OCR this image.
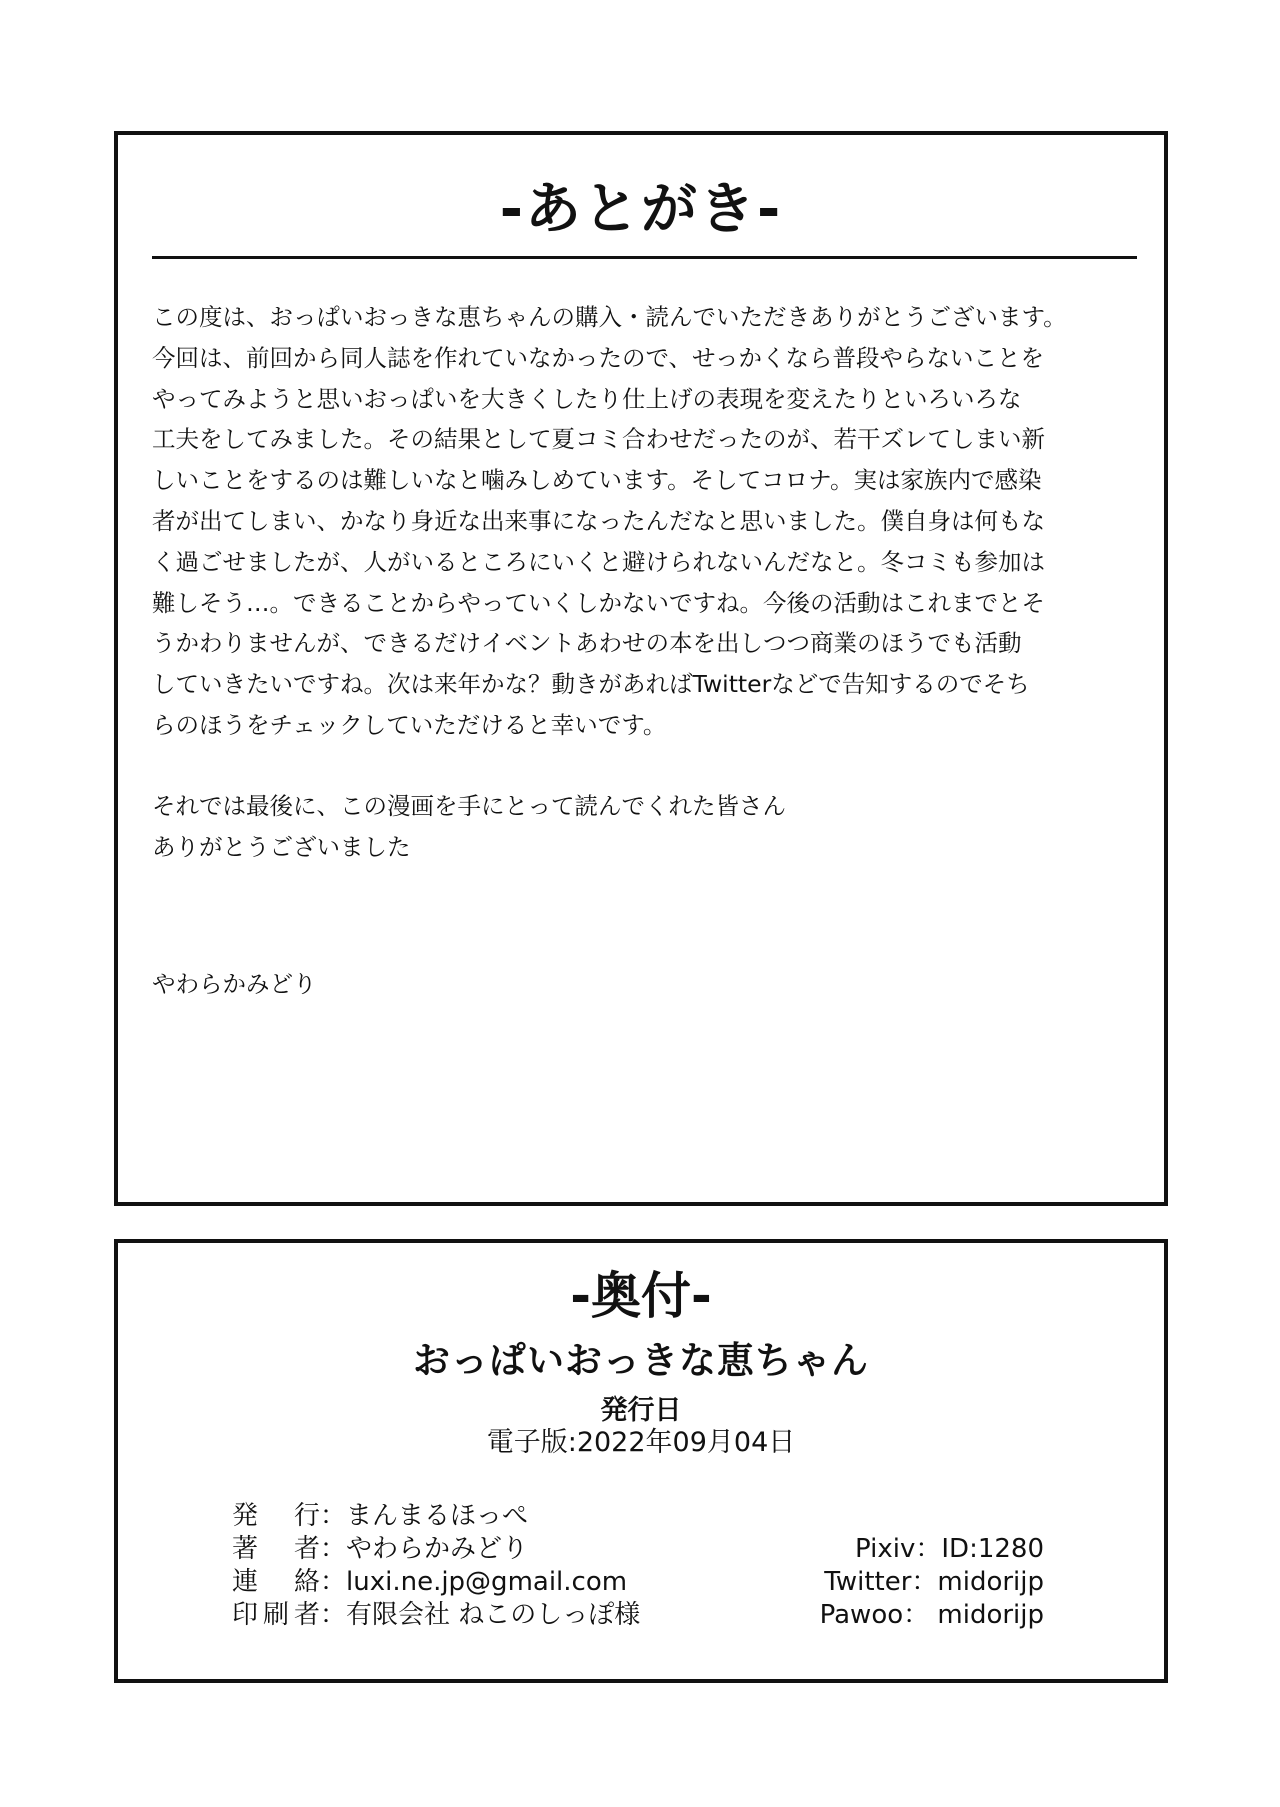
-あとがき-

この度は、おっぱいおっきな恵ちゃんの購入・読んでいただきありがとうございます。
今回は、前回から同人誌を作れていなかったので、せっかくなら普段やらないことを
やってみようと思いおっぱいを大きくしたり仕上げの表現を変えたりといろいろな
工夫をしてみました。その結果として夏コミ合わせだったのが、若干ズレてしまい新
しいことをするのは難しいなと噛みしめています。そしてコロナ。実は家族内で感染
者が出てしまい、かなり身近な出来事になったんだなと思いました。僕自身は何もな
く過ごせましたが、人がいるところにいくと避けられないんだなと。冬コミも参加は
難しそう…。できることからやっていくしかないですね。今後の活動はこれまでとそ
うかわりませんが、できるだけイベントあわせの本を出しつつ商業のほうでも活動
していきたいですね。次は来年かな？動きがあればTwitterなどで告知するのでそち
らのほうをチェックしていただけると幸いです。

それでは最後に、この漫画を手にとって読んでくれた皆さん
ありがとうございました

やわらかみどり

-奥付-

おっぱいおっきな恵ちゃん

発行日

電子版:2022年09月04日

発行：まんまるほっぺ
著者：やわらかみどり
連絡：luxi.ne.jp@gmail.com
印刷者：有限会社 ねこのしっぽ様
Pixiv：ID:1280
Twitter：midorijp
Pawoo： midorijp
